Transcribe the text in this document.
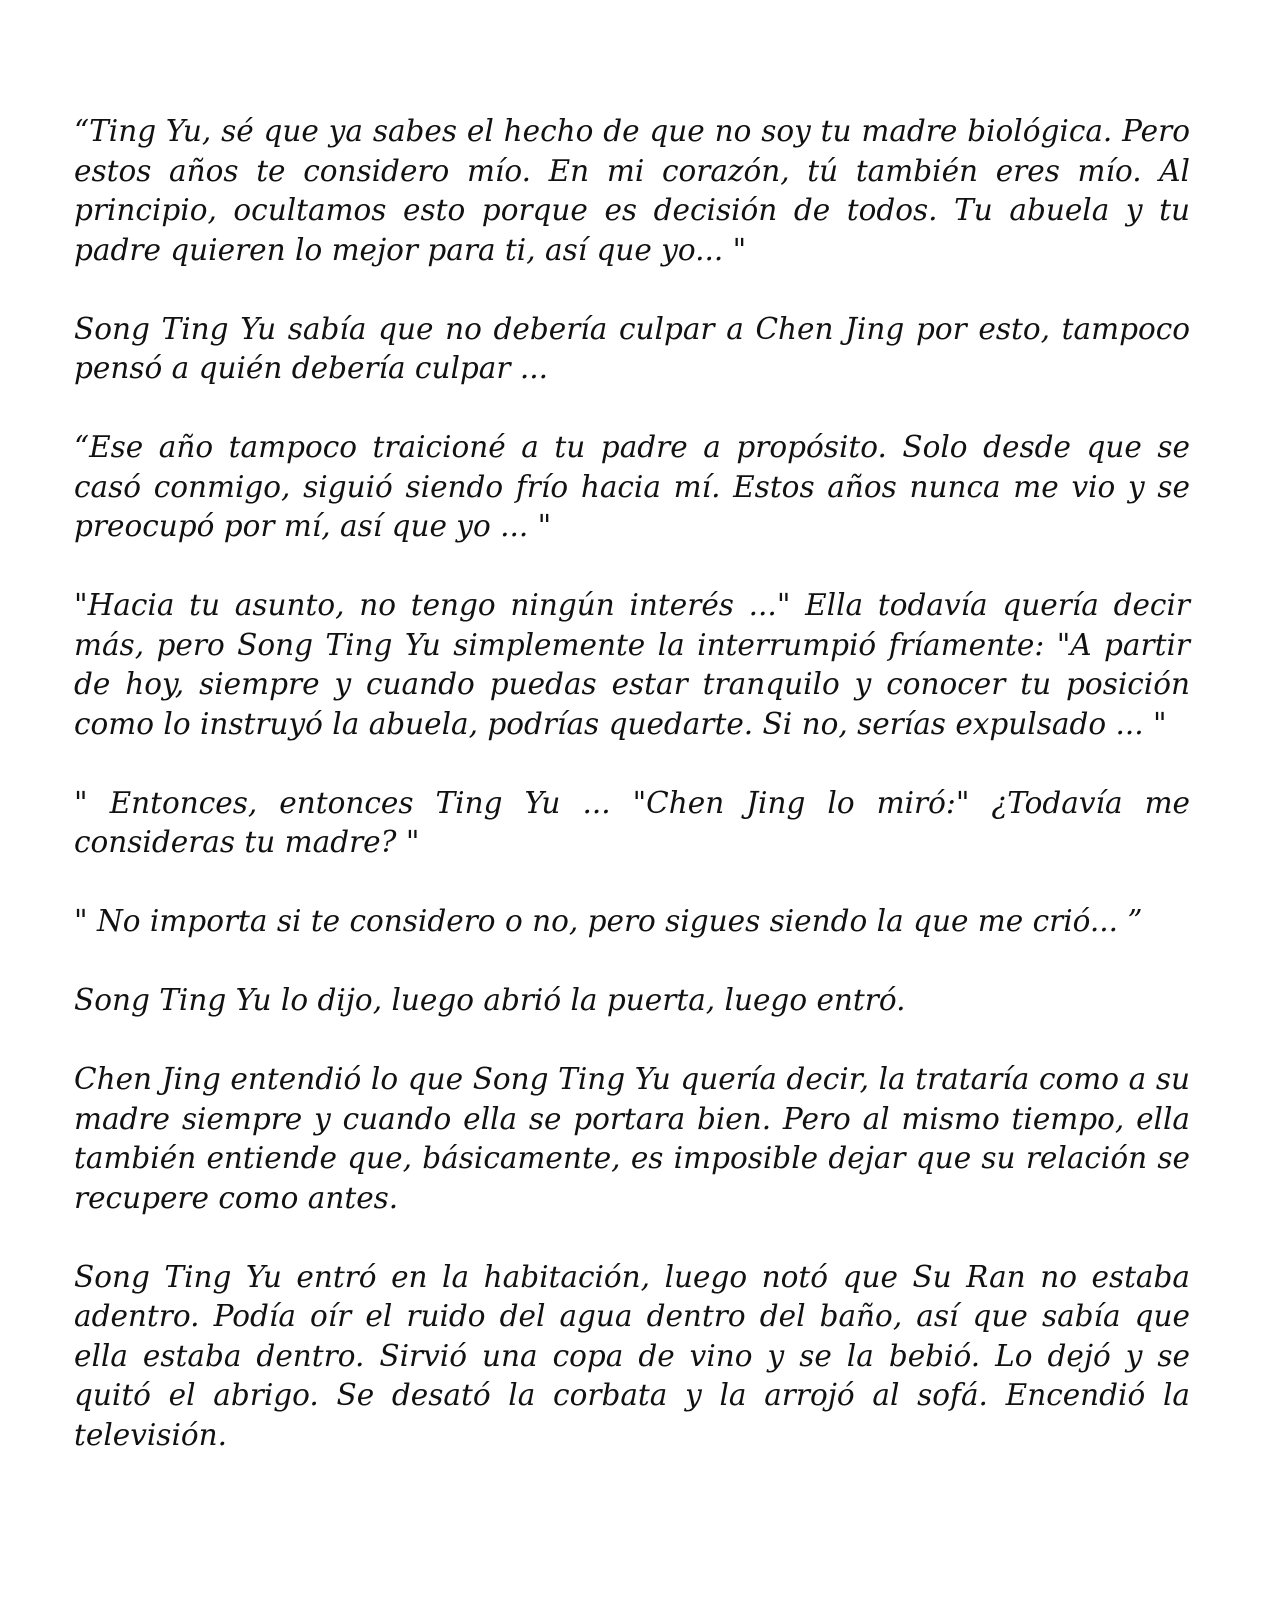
“Ting Yu, sé que ya sabes el hecho de que no soy tu madre biológica. Pero estos años te considero mío. En mi corazón, tú también eres mío. Al principio, ocultamos esto porque es decisión de todos. Tu abuela y tu padre quieren lo mejor para ti, así que yo... "

Song Ting Yu sabía que no debería culpar a Chen Jing por esto, tampoco pensó a quién debería culpar ...

“Ese año tampoco traicioné a tu padre a propósito. Solo desde que se casó conmigo, siguió siendo frío hacia mí. Estos años nunca me vio y se preocupó por mí, así que yo ... "

"Hacia tu asunto, no tengo ningún interés ..." Ella todavía quería decir más, pero Song Ting Yu simplemente la interrumpió fríamente: "A partir de hoy, siempre y cuando puedas estar tranquilo y conocer tu posición como lo instruyó la abuela, podrías quedarte. Si no, serías expulsado ... "

" Entonces, entonces Ting Yu ... "Chen Jing lo miró:" ¿Todavía me consideras tu madre? "

" No importa si te considero o no, pero sigues siendo la que me crió... ”

Song Ting Yu lo dijo, luego abrió la puerta, luego entró.

Chen Jing entendió lo que Song Ting Yu quería decir, la trataría como a su madre siempre y cuando ella se portara bien. Pero al mismo tiempo, ella también entiende que, básicamente, es imposible dejar que su relación se recupere como antes.

Song Ting Yu entró en la habitación, luego notó que Su Ran no estaba adentro. Podía oír el ruido del agua dentro del baño, así que sabía que ella estaba dentro. Sirvió una copa de vino y se la bebió. Lo dejó y se quitó el abrigo. Se desató la corbata y la arrojó al sofá. Encendió la televisión.
